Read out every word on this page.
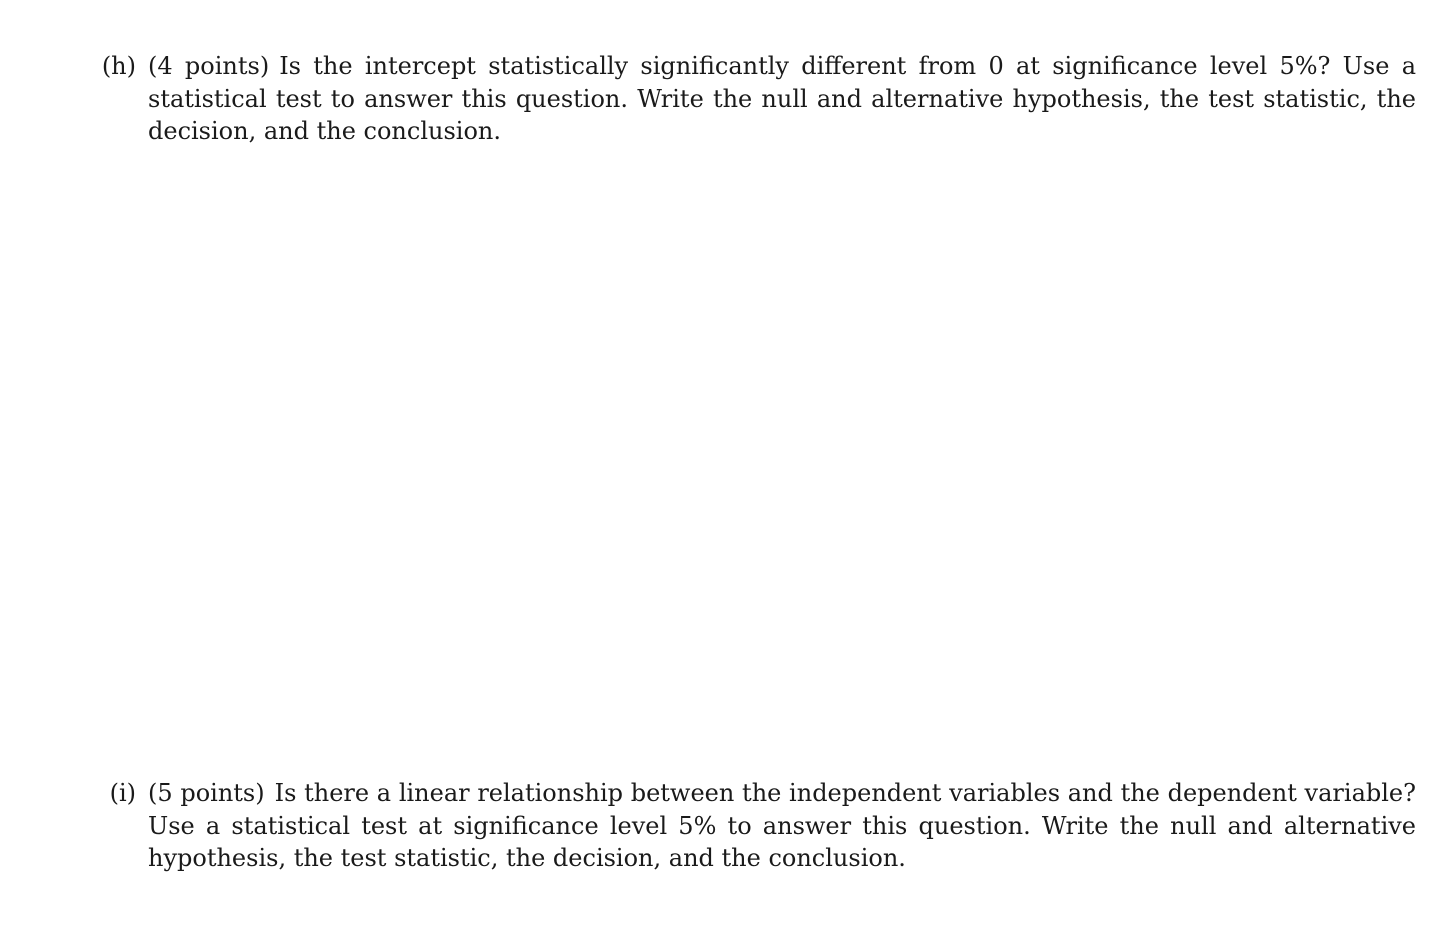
(h) (4 points) Is the intercept statistically significantly different from 0 at significance level 5%? Use a statistical test to answer this question. Write the null and alternative hypothesis, the test statistic, the decision, and the conclusion.
(i) (5 points) Is there a linear relationship between the independent variables and the dependent variable? Use a statistical test at significance level 5% to answer this question. Write the null and alternative hypothesis, the test statistic, the decision, and the conclusion.
